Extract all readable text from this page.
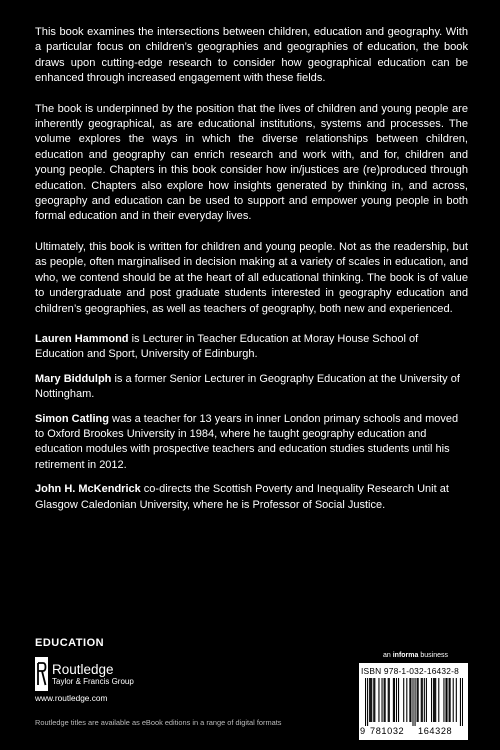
This book examines the intersections between children, education and geography. With a particular focus on children’s geographies and geographies of education, the book draws upon cutting-edge research to consider how geographical education can be enhanced through increased engagement with these fields.

The book is underpinned by the position that the lives of children and young people are inherently geographical, as are educational institutions, systems and processes. The volume explores the ways in which the diverse relationships between children, education and geography can enrich research and work with, and for, children and young people. Chapters in this book consider how in/justices are (re)produced through education. Chapters also explore how insights generated by thinking in, and across, geography and education can be used to support and empower young people in both formal education and in their everyday lives.

Ultimately, this book is written for children and young people. Not as the readership, but as people, often marginalised in decision making at a variety of scales in education, and who, we contend should be at the heart of all educational thinking. The book is of value to undergraduate and post graduate students interested in geography education and children’s geographies, as well as teachers of geography, both new and experienced.

Lauren Hammond is Lecturer in Teacher Education at Moray House School of Education and Sport, University of Edinburgh.

Mary Biddulph is a former Senior Lecturer in Geography Education at the University of Nottingham.

Simon Catling was a teacher for 13 years in inner London primary schools and moved to Oxford Brookes University in 1984, where he taught geography education and education modules with prospective teachers and education studies students until his retirement in 2012.

John H. McKendrick co-directs the Scottish Poverty and Inequality Research Unit at Glasgow Caledonian University, where he is Professor of Social Justice.

EDUCATION
Routledge
Taylor & Francis Group
www.routledge.com
Routledge titles are available as eBook editions in a range of digital formats
an informa business
ISBN 978-1-032-16432-8
9 781032 164328
